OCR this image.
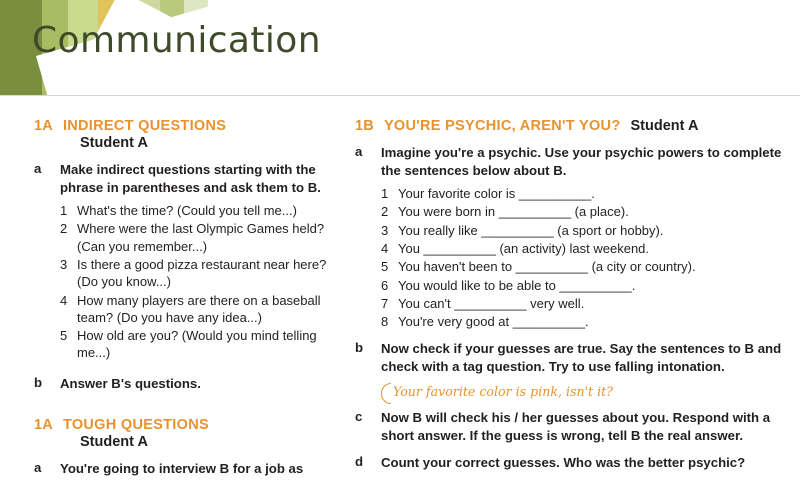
Communication
1A INDIRECT QUESTIONS
Student A
a	Make indirect questions starting with the phrase in parentheses and ask them to B.
1 What's the time? (Could you tell me...)
2 Where were the last Olympic Games held? (Can you remember...)
3 Is there a good pizza restaurant near here? (Do you know...)
4 How many players are there on a baseball team? (Do you have any idea...)
5 How old are you? (Would you mind telling me...)
b	Answer B's questions.
1A TOUGH QUESTIONS
Student A
a	You're going to interview B for a job as
1B YOU'RE PSYCHIC, AREN'T YOU? Student A
a	Imagine you're a psychic. Use your psychic powers to complete the sentences below about B.
1 Your favorite color is __________.
2 You were born in __________ (a place).
3 You really like __________ (a sport or hobby).
4 You __________ (an activity) last weekend.
5 You haven't been to __________ (a city or country).
6 You would like to be able to __________.
7 You can't __________ very well.
8 You're very good at __________.
b	Now check if your guesses are true. Say the sentences to B and check with a tag question. Try to use falling intonation.
Your favorite color is pink, isn't it?
c	Now B will check his / her guesses about you. Respond with a short answer. If the guess is wrong, tell B the real answer.
d	Count your correct guesses. Who was the better psychic?
